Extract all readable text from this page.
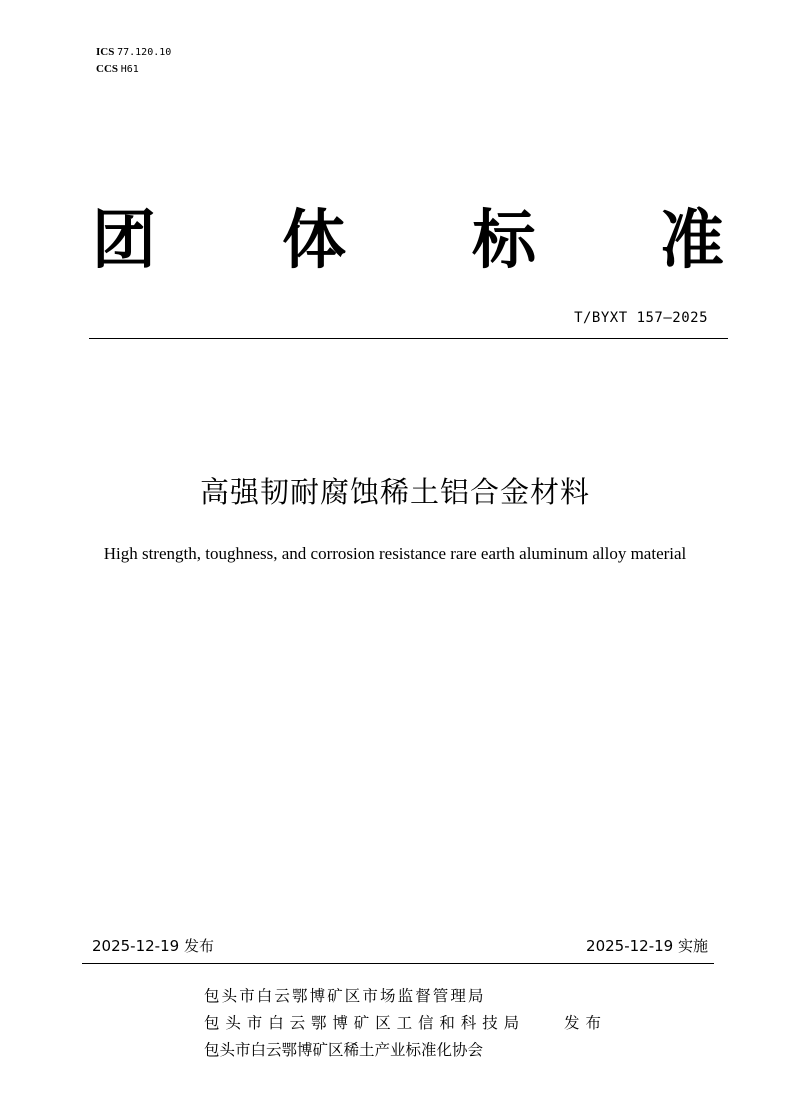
ICS 77.120.10
CCS H61
团 体 标 准
T/BYXT 157—2025
高强韧耐腐蚀稀土铝合金材料
High strength, toughness, and corrosion resistance rare earth aluminum alloy material
2025-12-19 发布	2025-12-19 实施
包头市白云鄂博矿区市场监督管理局
包头市白云鄂博矿区工信和科技局
包头市白云鄂博矿区稀土产业标准化协会
发布
